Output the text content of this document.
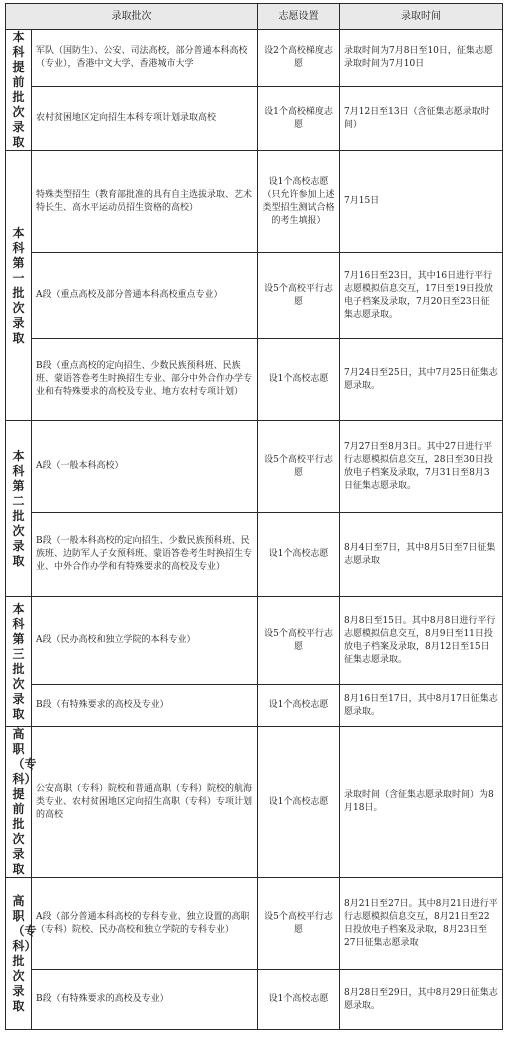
录取批次		志愿设置	录取时间

本科提前批次录取	军队（国防生）、公安、司法高校，部分普通本科高校（专业），香港中文大学、香港城市大学	设2个高校梯度志愿	录取时间为7月8日至10日，征集志愿录取时间为7月10日
	农村贫困地区定向招生本科专项计划录取高校	设1个高校梯度志愿	7月12日至13日（含征集志愿录取时间）

本科第一批次录取	特殊类型招生（教育部批准的具有自主选拔录取、艺术特长生、高水平运动员招生资格的高校）	设1个高校志愿（只允许参加上述类型招生测试合格的考生填报）	7月15日
	A段（重点高校及部分普通本科高校重点专业）	设5个高校平行志愿	7月16日至23日，其中16日进行平行志愿模拟信息交互，17日至19日投放电子档案及录取，7月20日至23日征集志愿录取。
	B段（重点高校的定向招生、少数民族预科班、民族班、蒙语答卷考生时换招生专业、部分中外合作办学专业和有特殊要求的高校及专业、地方农村专项计划）	设1个高校志愿	7月24日至25日，其中7月25日征集志愿录取。

本科第二批次录取	A段（一般本科高校）	设5个高校平行志愿	7月27日至8月3日。其中27日进行平行志愿模拟信息交互，28日至30日投放电子档案及录取，7月31日至8月3日征集志愿录取。
	B段（一般本科高校的定向招生、少数民族预科班、民族班、边防军人子女预科班、蒙语答卷考生时换招生专业、中外合作办学和有特殊要求的高校及专业）	设1个高校志愿	8月4日至7日，其中8月5日至7日征集志愿录取

本科第三批次录取	A段（民办高校和独立学院的本科专业）	设5个高校平行志愿	8月8日至15日。其中8月8日进行平行志愿模拟信息交互，8月9日至11日投放电子档案及录取，8月12日至15日征集志愿录取。
	B段（有特殊要求的高校及专业）	设1个高校志愿	8月16日至17日，其中8月17日征集志愿录取。

高职（专科）提前批次录取	公安高职（专科）院校和普通高职（专科）院校的航海类专业、农村贫困地区定向招生高职（专科）专项计划的高校	设1个高校志愿	录取时间（含征集志愿录取时间）为8月18日。

高职（专科）批次录取	A段（部分普通本科高校的专科专业、独立设置的高职（专科）院校、民办高校和独立学院的专科专业）	设5个高校平行志愿	8月21日至27日。其中8月21日进行平行志愿模拟信息交互，8月21日至22日投放电子档案及录取，8月23日至27日征集志愿录取
	B段（有特殊要求的高校及专业）	设1个高校志愿	8月28日至29日，其中8月29日征集志愿录取。
